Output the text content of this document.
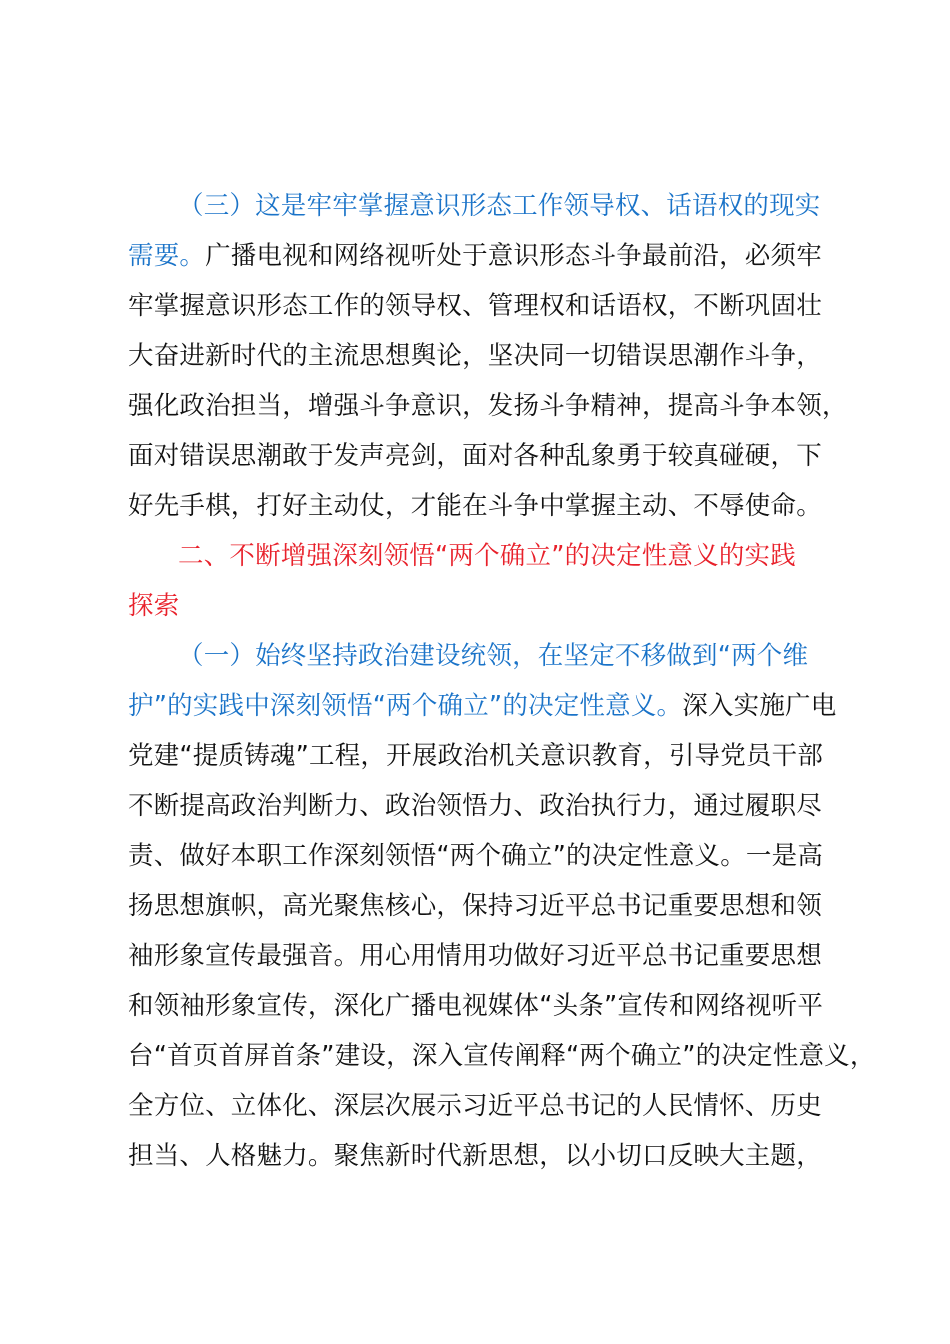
（三）这是牢牢掌握意识形态工作领导权、话语权的现实
需要。广播电视和网络视听处于意识形态斗争最前沿，必须牢
牢掌握意识形态工作的领导权、管理权和话语权，不断巩固壮
大奋进新时代的主流思想舆论，坚决同一切错误思潮作斗争，
强化政治担当，增强斗争意识，发扬斗争精神，提高斗争本领，
面对错误思潮敢于发声亮剑，面对各种乱象勇于较真碰硬，下
好先手棋，打好主动仗，才能在斗争中掌握主动、不辱使命。
二、不断增强深刻领悟“两个确立”的决定性意义的实践
探索
（一）始终坚持政治建设统领，在坚定不移做到“两个维
护”的实践中深刻领悟“两个确立”的决定性意义。深入实施广电
党建“提质铸魂”工程，开展政治机关意识教育，引导党员干部
不断提高政治判断力、政治领悟力、政治执行力，通过履职尽
责、做好本职工作深刻领悟“两个确立”的决定性意义。一是高
扬思想旗帜，高光聚焦核心，保持习近平总书记重要思想和领
袖形象宣传最强音。用心用情用功做好习近平总书记重要思想
和领袖形象宣传，深化广播电视媒体“头条”宣传和网络视听平
台“首页首屏首条”建设，深入宣传阐释“两个确立”的决定性意义，
全方位、立体化、深层次展示习近平总书记的人民情怀、历史
担当、人格魅力。聚焦新时代新思想，以小切口反映大主题，
